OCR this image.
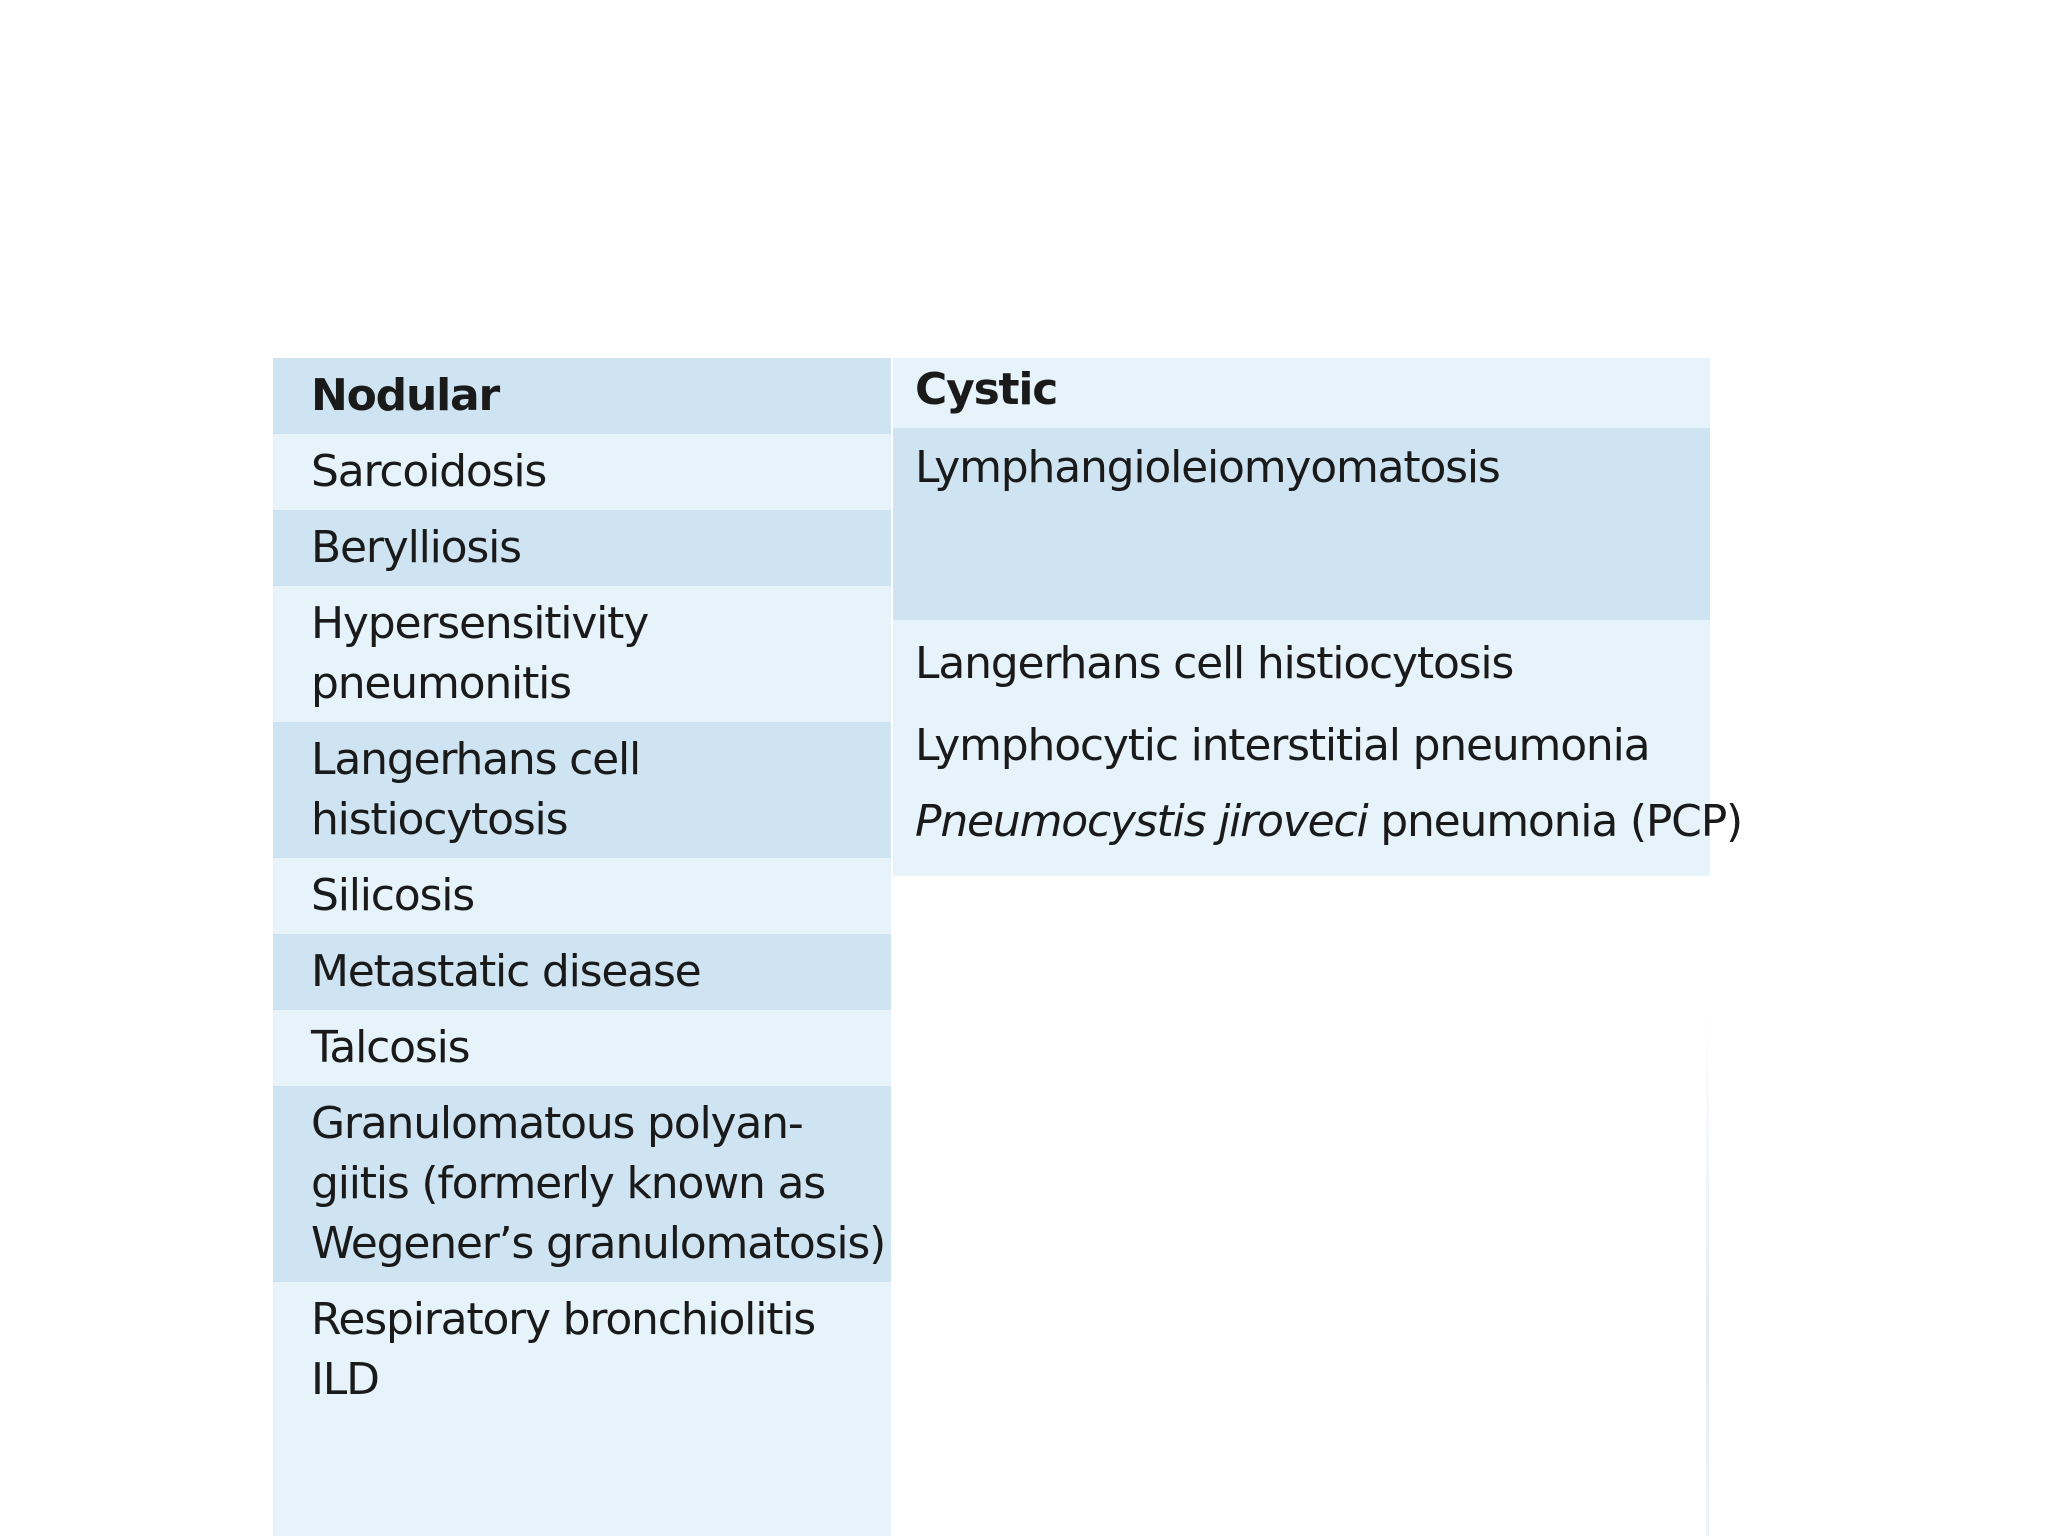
Nodular
Sarcoidosis
Berylliosis
Hypersensitivity
pneumonitis
Langerhans cell
histiocytosis
Silicosis
Metastatic disease
Talcosis
Granulomatous polyan-
giitis (formerly known as
Wegener’s granulomatosis)
Respiratory bronchiolitis
ILD
Cystic
Lymphangioleiomyomatosis
Langerhans cell histiocytosis
Lymphocytic interstitial pneumonia
Pneumocystis jiroveci pneumonia (PCP)
